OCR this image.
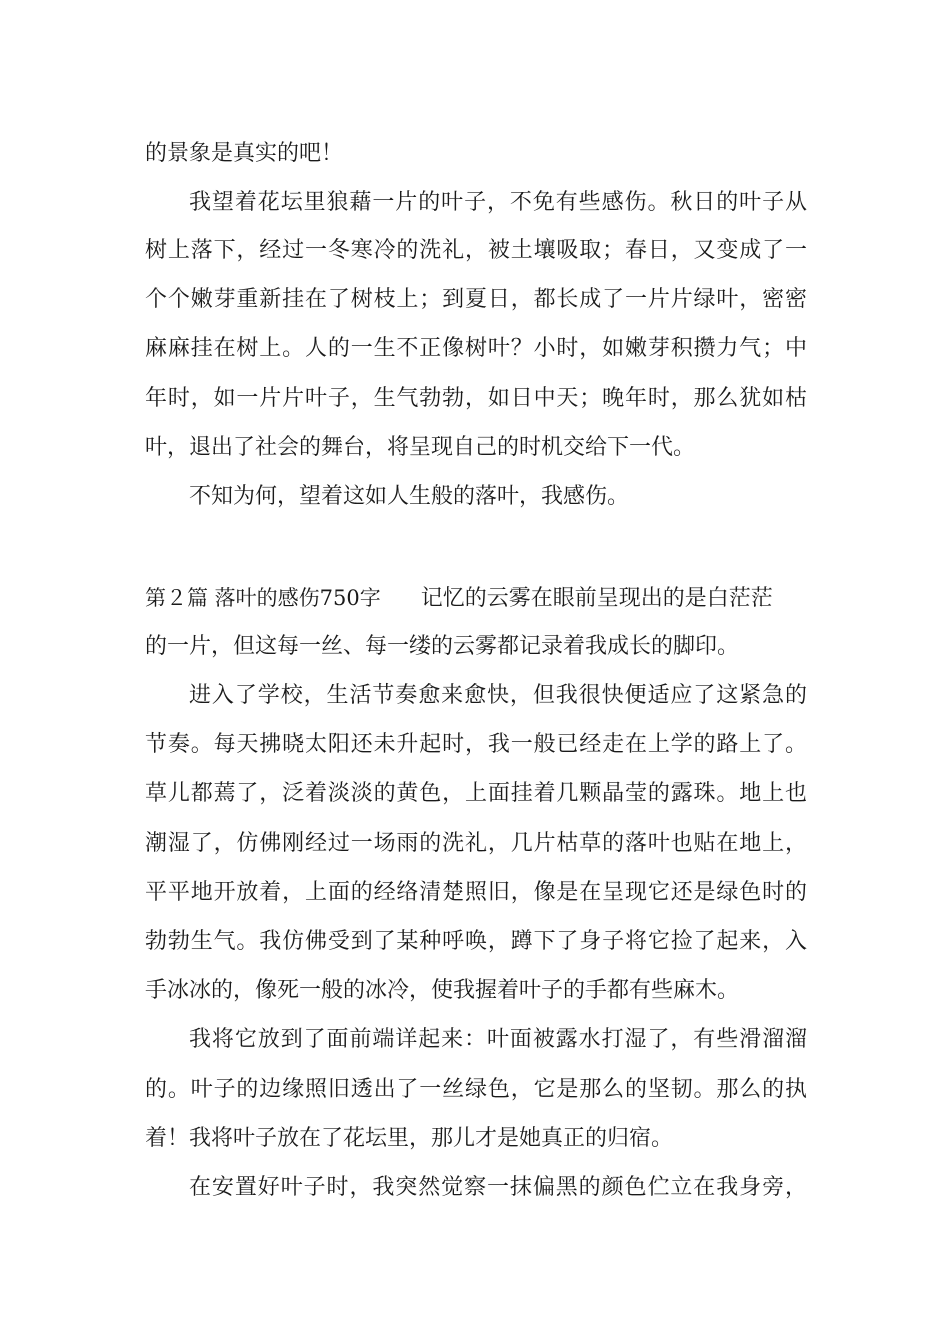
的景象是真实的吧！
我望着花坛里狼藉一片的叶子，不免有些感伤。秋日的叶子从
树上落下，经过一冬寒冷的洗礼，被土壤吸取；春日，又变成了一
个个嫩芽重新挂在了树枝上；到夏日，都长成了一片片绿叶，密密
麻麻挂在树上。人的一生不正像树叶？小时，如嫩芽积攒力气；中
年时，如一片片叶子，生气勃勃，如日中天；晚年时，那么犹如枯
叶，退出了社会的舞台，将呈现自己的时机交给下一代。
不知为何，望着这如人生般的落叶，我感伤。
第２篇 落叶的感伤750字 记忆的云雾在眼前呈现出的是白茫茫
的一片，但这每一丝、每一缕的云雾都记录着我成长的脚印。
进入了学校，生活节奏愈来愈快，但我很快便适应了这紧急的
节奏。每天拂晓太阳还未升起时，我一般已经走在上学的路上了。
草儿都蔫了，泛着淡淡的黄色，上面挂着几颗晶莹的露珠。地上也
潮湿了，仿佛刚经过一场雨的洗礼，几片枯草的落叶也贴在地上，
平平地开放着，上面的经络清楚照旧，像是在呈现它还是绿色时的
勃勃生气。我仿佛受到了某种呼唤，蹲下了身子将它捡了起来，入
手冰冰的，像死一般的冰冷，使我握着叶子的手都有些麻木。
我将它放到了面前端详起来：叶面被露水打湿了，有些滑溜溜
的。叶子的边缘照旧透出了一丝绿色，它是那么的坚韧。那么的执
着！我将叶子放在了花坛里，那儿才是她真正的归宿。
在安置好叶子时，我突然觉察一抹偏黑的颜色伫立在我身旁，
